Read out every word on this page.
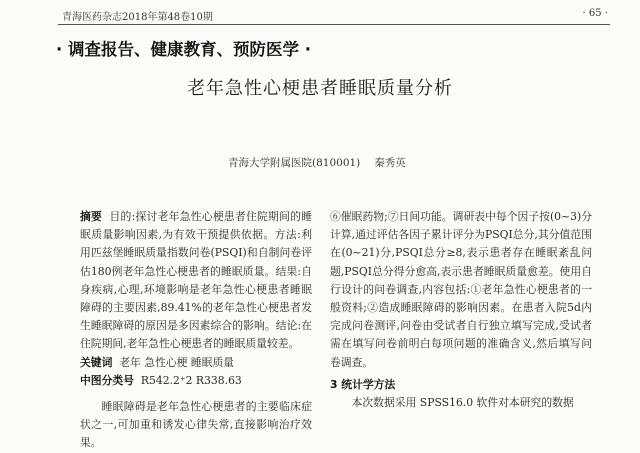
青海医药杂志2018年第48卷10期	· 65 ·
· 调查报告、健康教育、预防医学 ·
老年急性心梗患者睡眠质量分析
青海大学附属医院(810001) 秦秀英

摘要 目的:探讨老年急性心梗患者住院期间的睡眠质量影响因素,为有效干预提供依据。方法:利用匹兹堡睡眠质量指数问卷(PSQI)和自制问卷评估180例老年急性心梗患者的睡眠质量。结果:自身疾病,心理,环境影响是老年急性心梗患者睡眠障碍的主要因素,89.41%的老年急性心梗患者发生睡眠障碍的原因是多因素综合的影响。结论:在住院期间,老年急性心梗患者的睡眠质量较差。

关键词 老年 急性心梗 睡眠质量

中图分类号 R542.2⁺2 R338.63

睡眠障碍是老年急性心梗患者的主要临床症状之一,可加重和诱发心律失常,直接影响治疗效果。

⑥催眠药物;⑦日间功能。调研表中每个因子按(0~3)分计算,通过评估各因子累计评分为PSQI总分,其分值范围在(0~21)分,PSQI总分≥8,表示患者存在睡眠紊乱问题,PSQI总分得分愈高,表示患者睡眠质量愈差。使用自行设计的问卷调查,内容包括:①老年急性心梗患者的一般资料;②造成睡眠障碍的影响因素。在患者入院5d内完成问卷测评,问卷由受试者自行独立填写完成,受试者需在填写问卷前明白每项问题的准确含义,然后填写问卷调查。

3 统计学方法

本次数据采用 SPSS16.0 软件对本研究的数据
